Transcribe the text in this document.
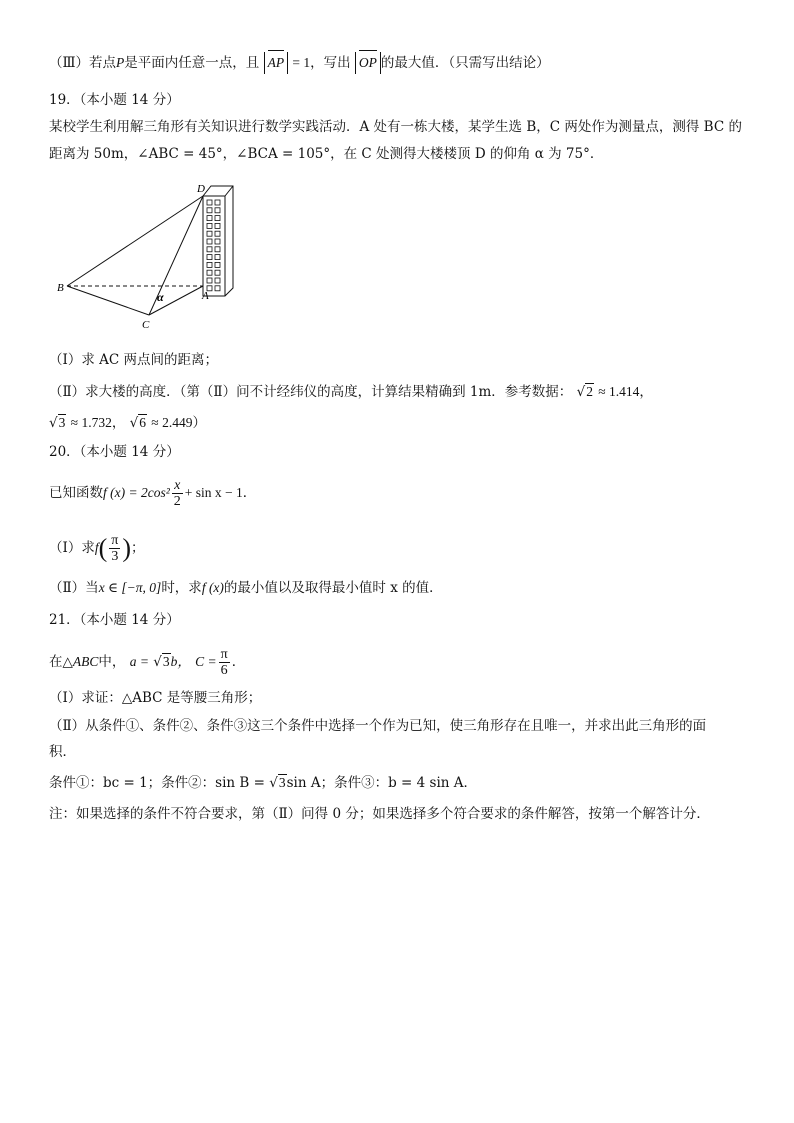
（Ⅲ）若点P是平面内任意一点，且 AP = 1，写出 OP 的最大值．（只需写出结论）
19．（本小题 14 分）
某校学生利用解三角形有关知识进行数学实践活动．A 处有一栋大楼，某学生选 B，C 两处作为测量点，测得 BC 的
距离为 50m，∠ABC = 45°，∠BCA = 105°，在 C 处测得大楼楼顶 D 的仰角 α 为 75°．
D
B
A
C
α
（Ⅰ）求 AC 两点间的距离；
（Ⅱ）求大楼的高度．（第（Ⅱ）问不计经纬仪的高度，计算结果精确到 1m．参考数据： √2 ≈ 1.414，
√3 ≈ 1.732， √6 ≈ 2.449）
20．（本小题 14 分）
已知函数f $(x) = 2\cos^2 \frac{x}{2} + \sin x - 1$．
（Ⅰ）求$f( \frac{\pi}{3}$ )；
（Ⅱ）当x ∈ [−π, 0]时，求f (x)的最小值以及取得最小值时 x 的值．
21．（本小题 14 分）
在△ABC中， a = √3b， $C = \frac{\pi}{6}$ ．
（Ⅰ）求证：△ABC 是等腰三角形；
（Ⅱ）从条件①、条件②、条件③这三个条件中选择一个作为已知，使三角形存在且唯一，并求出此三角形的面
积．
条件①：bc = 1；条件②：sin B = √3sin A；条件③：b = 4 sin A．
注：如果选择的条件不符合要求，第（Ⅱ）问得 0 分；如果选择多个符合要求的条件解答，按第一个解答计分．
